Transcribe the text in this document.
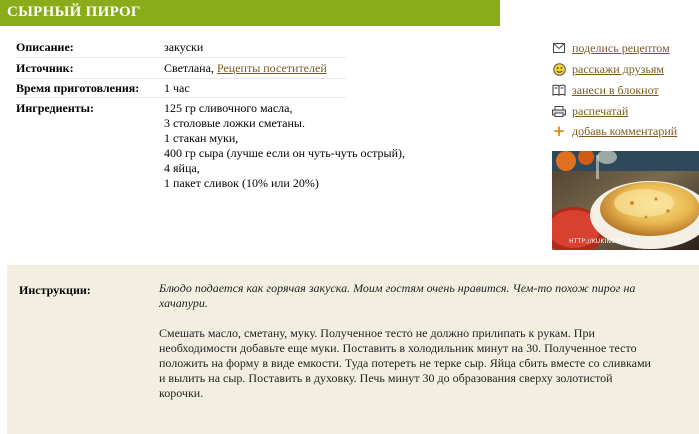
СЫРНЫЙ ПИРОГ
Описание:	закуски
Источник:	Светлана, Рецепты посетителей
Время приготовления: 1 час
Ингредиенты:	125 гр сливочного масла,
3 столовые ложки сметаны.
1 стакан муки,
400 гр сыра (лучше если он чуть-чуть острый),
4 яйца,
1 пакет сливок (10% или 20%)
поделись рецептом
расскажи друзьям
занеси в блокнот
распечатай
+ добавь комментарий
HTTP://KUKING.NET
Инструкции:	Блюдо подается как горячая закуска. Моим гостям очень нравится. Чем-то похож пирог на хачапури.
Смешать масло, сметану, муку. Полученное тесто не должно прилипать к рукам. При необходимости добавьте еще муки. Поставить в холодильник минут на 30. Полученное тесто положить на форму в виде емкости. Туда потереть не терке сыр. Яйца сбить вместе со сливками и вылить на сыр. Поставить в духовку. Печь минут 30 до образования сверху золотистой корочки.
